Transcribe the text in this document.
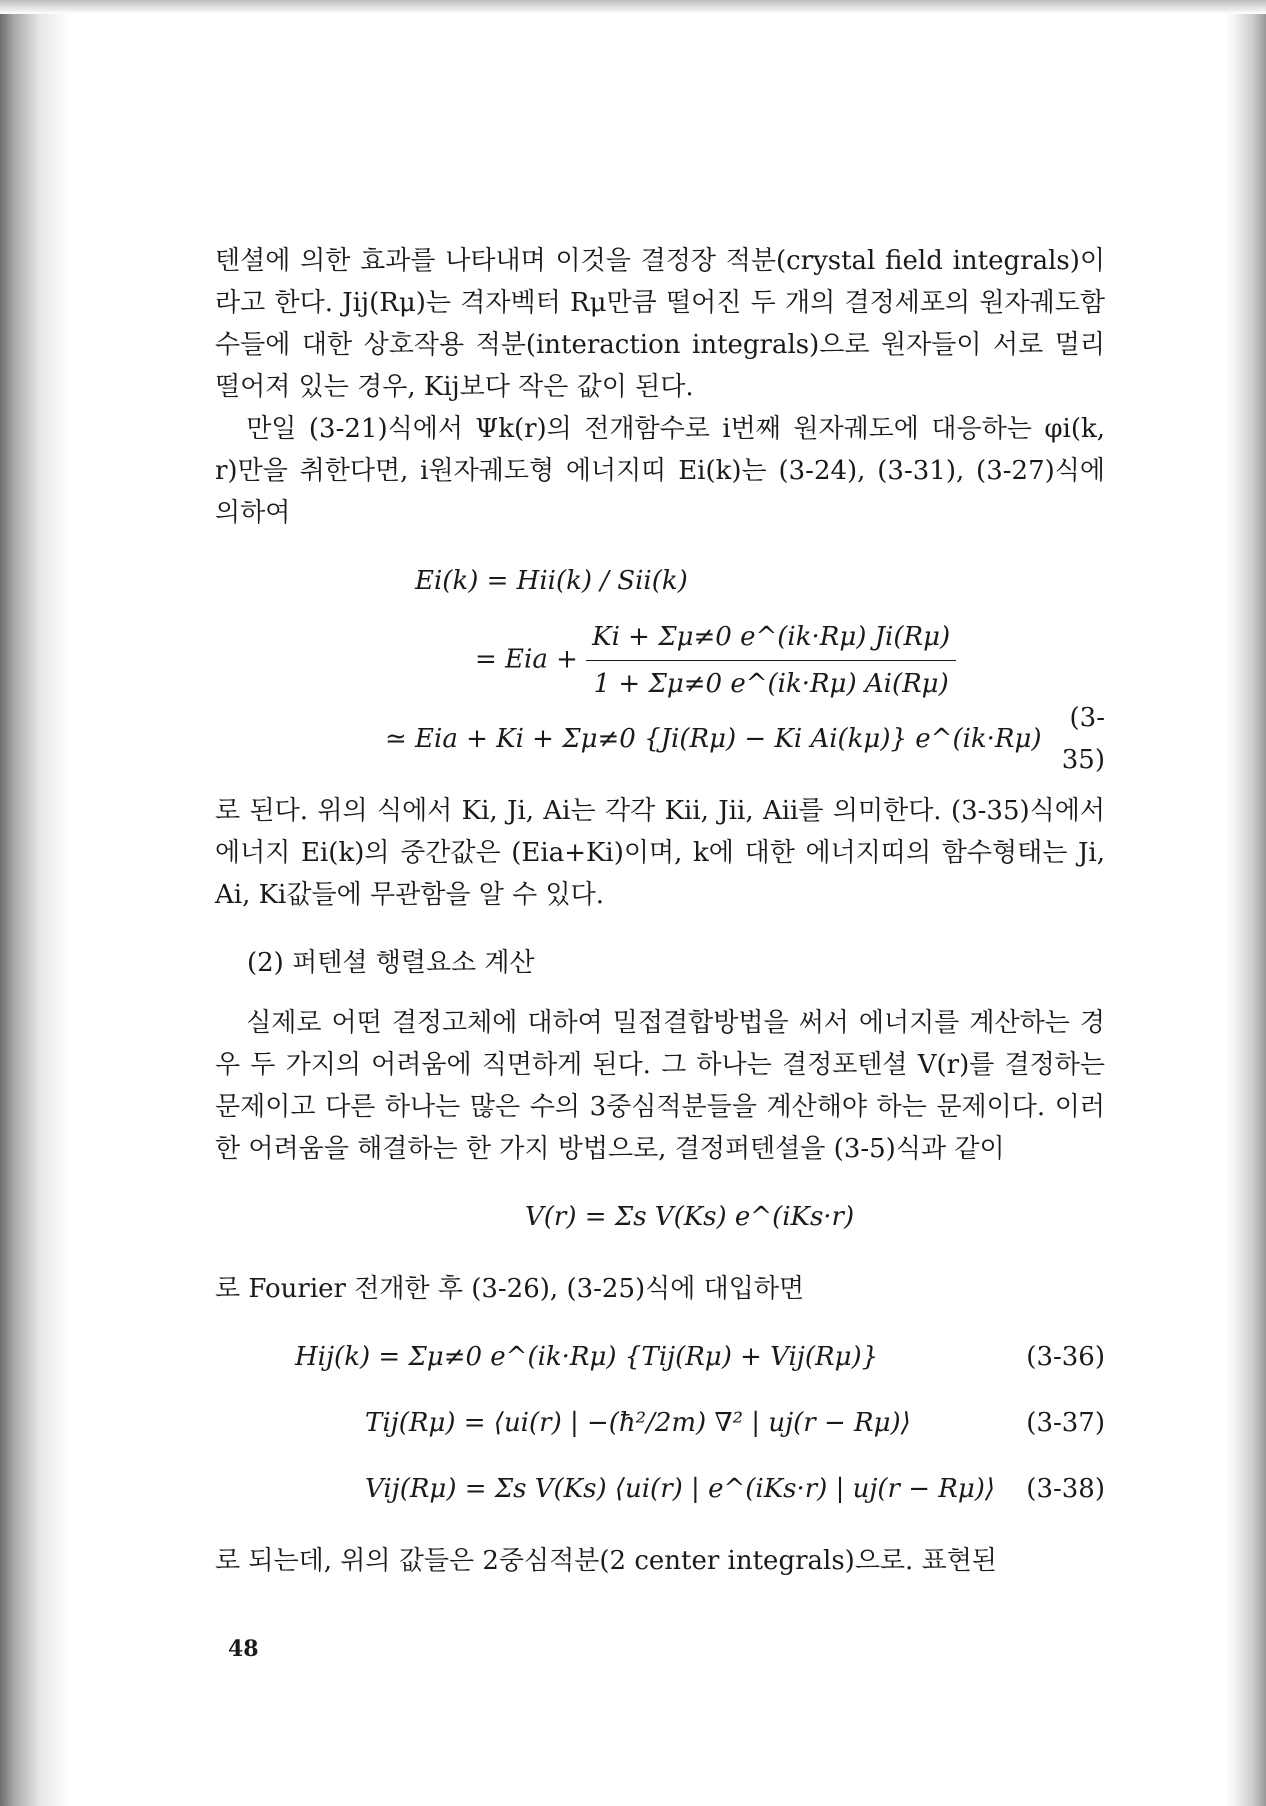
텐셜에 의한 효과를 나타내며 이것을 결정장 적분(crystal field integrals)이라고 한다. Jij(Rμ)는 격자벡터 Rμ만큼 떨어진 두 개의 결정세포의 원자궤도함수들에 대한 상호작용 적분(interaction integrals)으로 원자들이 서로 멀리 떨어져 있는 경우, Kij보다 작은 값이 된다.

만일 (3-21)식에서 Ψk(r)의 전개함수로 i번째 원자궤도에 대응하는 φi(k, r)만을 취한다면, i원자궤도형 에너지띠 Ei(k)는 (3-24), (3-31), (3-27)식에 의하여

Ei(k) = Hii(k) / Sii(k)
= Eia + $\frac{Ki + \Sigma\mu\ne 0 e\^{}(ik\cdot R\mu) Ji(R\mu)}{1 + \Sigma\mu\ne 0 e\^{}(ik\cdot R\mu) Ai(R\mu)}$
≃ Eia + Ki + Σμ≠0 {Ji(Rμ) − Ki Ai(kμ)} e^(ik·Rμ)
(3-35)

로 된다. 위의 식에서 Ki, Ji, Ai는 각각 Kii, Jii, Aii를 의미한다. (3-35)식에서 에너지 Ei(k)의 중간값은 (Eia+Ki)이며, k에 대한 에너지띠의 함수형태는 Ji, Ai, Ki값들에 무관함을 알 수 있다.

(2) 퍼텐셜 행렬요소 계산

실제로 어떤 결정고체에 대하여 밀접결합방법을 써서 에너지를 계산하는 경우 두 가지의 어려움에 직면하게 된다. 그 하나는 결정포텐셜 V(r)를 결정하는 문제이고 다른 하나는 많은 수의 3중심적분들을 계산해야 하는 문제이다. 이러한 어려움을 해결하는 한 가지 방법으로, 결정퍼텐셜을 (3-5)식과 같이

V(r) = Σs V(Ks) e^(iKs·r)

로 Fourier 전개한 후 (3-26), (3-25)식에 대입하면

Hij(k) = Σμ≠0 e^(ik·Rμ) {Tij(Rμ) + Vij(Rμ)}	(3-36)
Tij(Rμ) = ⟨ui(r) | −(ħ²/2m) ∇² | uj(r − Rμ)⟩	(3-37)
Vij(Rμ) = Σs V(Ks) ⟨ui(r) | e^(iKs·r) | uj(r − Rμ)⟩	(3-38)

로 되는데, 위의 값들은 2중심적분(2 center integrals)으로. 표현된

48
